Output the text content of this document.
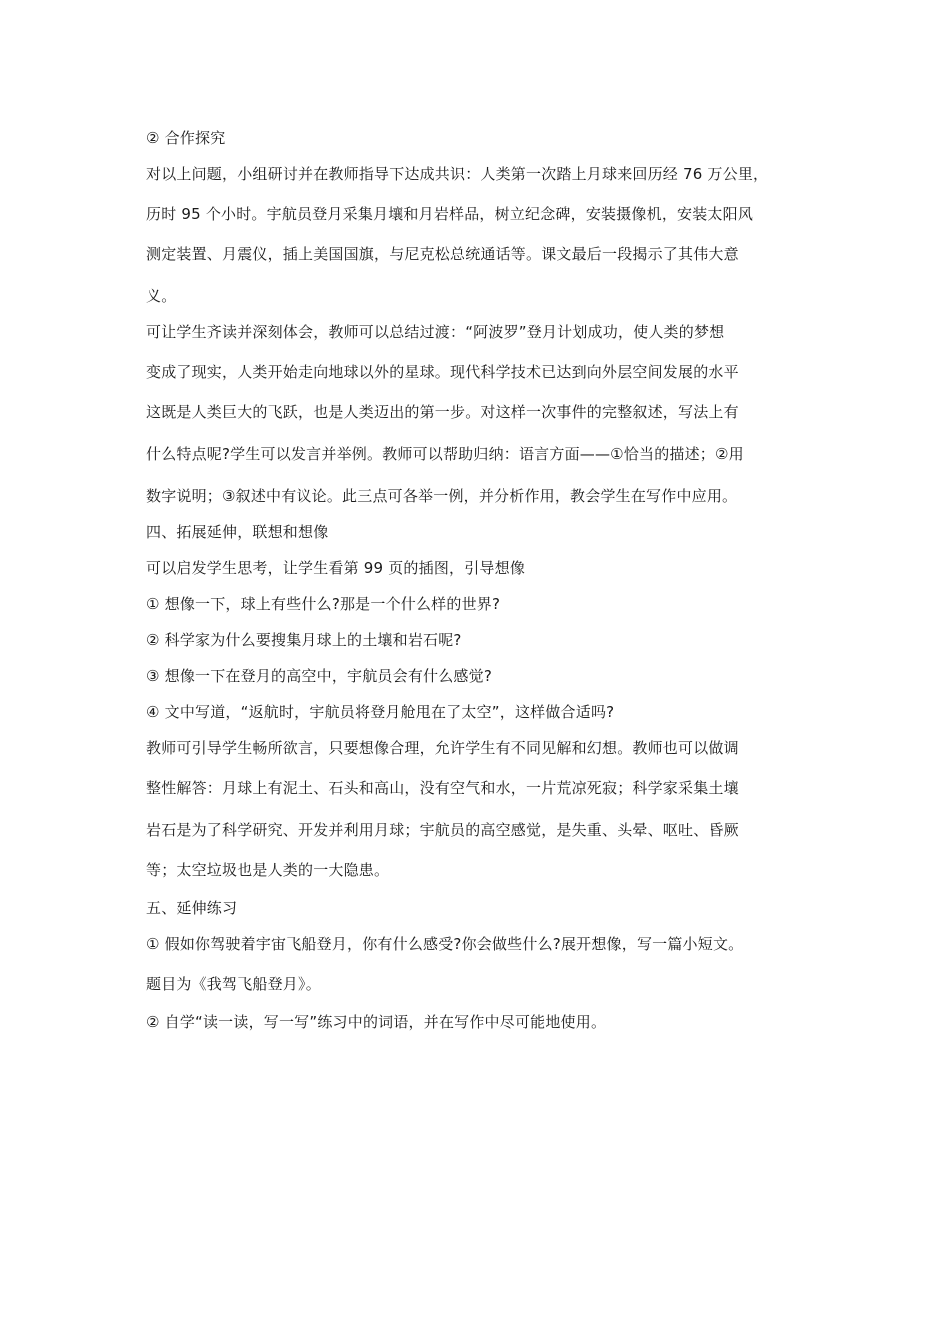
② 合作探究
对以上问题，小组研讨并在教师指导下达成共识：人类第一次踏上月球来回历经 76 万公里，
历时 95 个小时。宇航员登月采集月壤和月岩样品，树立纪念碑，安装摄像机，安装太阳风
测定装置、月震仪，插上美国国旗，与尼克松总统通话等。课文最后一段揭示了其伟大意
义。
可让学生齐读并深刻体会，教师可以总结过渡：“阿波罗”登月计划成功，使人类的梦想
变成了现实，人类开始走向地球以外的星球。现代科学技术已达到向外层空间发展的水平
这既是人类巨大的飞跃，也是人类迈出的第一步。对这样一次事件的完整叙述，写法上有
什么特点呢?学生可以发言并举例。教师可以帮助归纳：语言方面——①恰当的描述；②用
数字说明；③叙述中有议论。此三点可各举一例，并分析作用，教会学生在写作中应用。
四、拓展延伸，联想和想像
可以启发学生思考，让学生看第 99 页的插图，引导想像
① 想像一下，球上有些什么?那是一个什么样的世界?
② 科学家为什么要搜集月球上的土壤和岩石呢?
③ 想像一下在登月的高空中，宇航员会有什么感觉?
④ 文中写道，“返航时，宇航员将登月舱甩在了太空”，这样做合适吗?
教师可引导学生畅所欲言，只要想像合理，允许学生有不同见解和幻想。教师也可以做调
整性解答：月球上有泥土、石头和高山，没有空气和水，一片荒凉死寂；科学家采集土壤
岩石是为了科学研究、开发并利用月球；宇航员的高空感觉，是失重、头晕、呕吐、昏厥
等；太空垃圾也是人类的一大隐患。
五、延伸练习
① 假如你驾驶着宇宙飞船登月，你有什么感受?你会做些什么?展开想像，写一篇小短文。
题目为《我驾飞船登月》。
② 自学“读一读，写一写”练习中的词语，并在写作中尽可能地使用。
